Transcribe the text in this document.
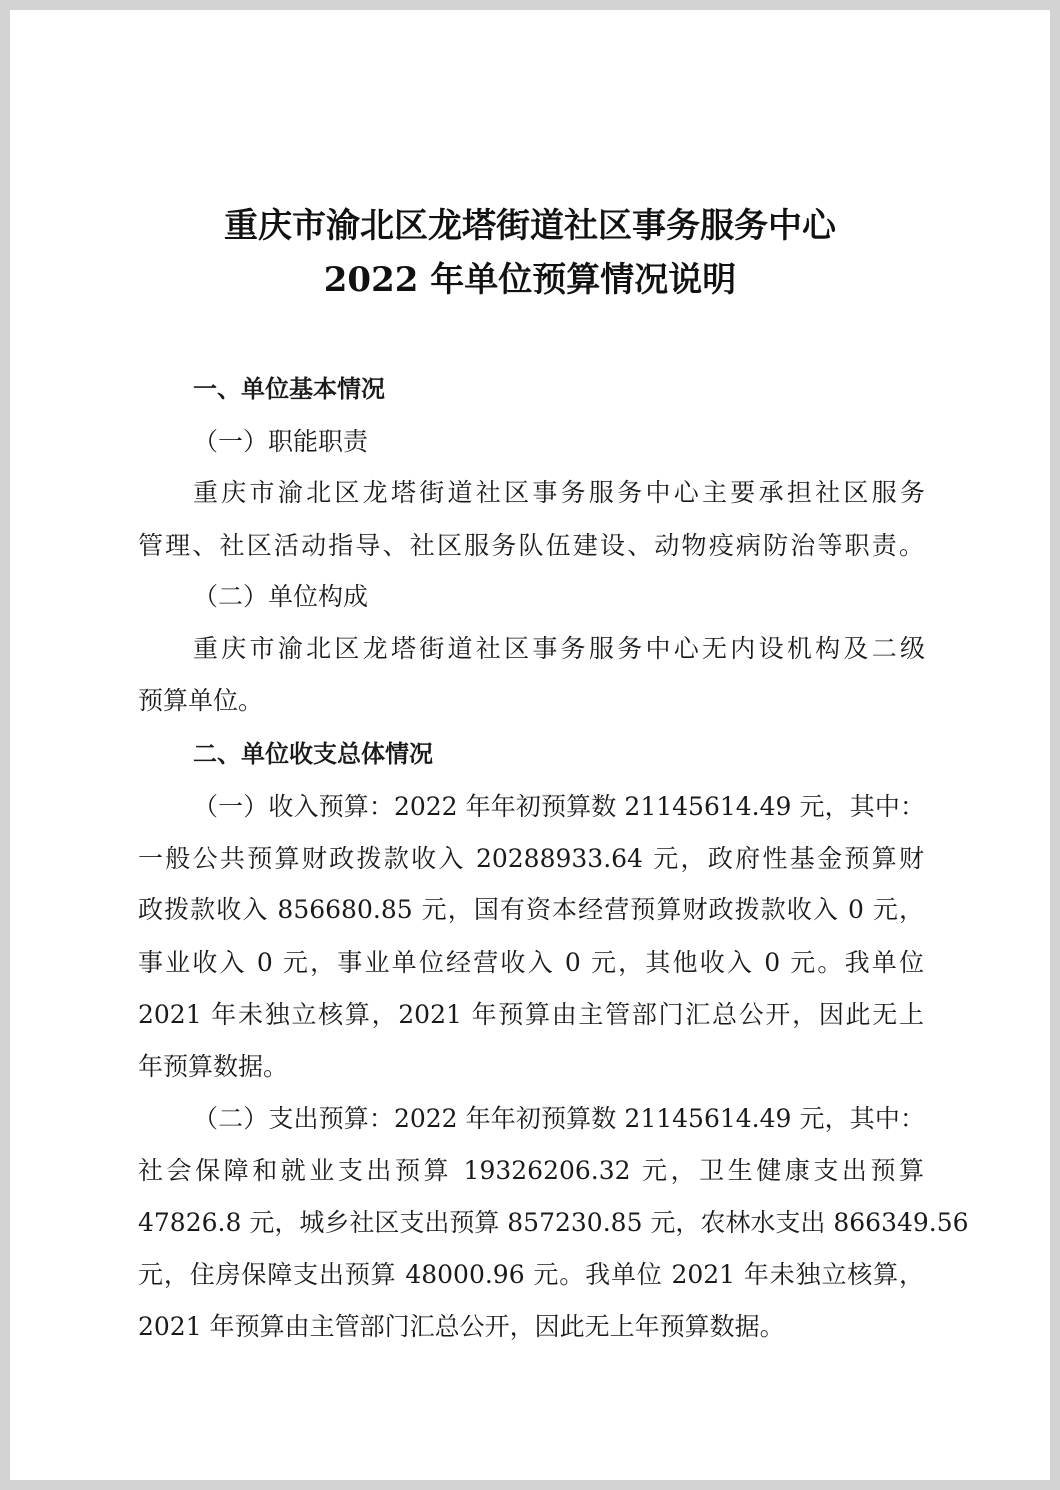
重庆市渝北区龙塔街道社区事务服务中心
2022 年单位预算情况说明
一、单位基本情况
（一）职能职责
重庆市渝北区龙塔街道社区事务服务中心主要承担社区服务
管理、社区活动指导、社区服务队伍建设、动物疫病防治等职责。
（二）单位构成
重庆市渝北区龙塔街道社区事务服务中心无内设机构及二级
预算单位。
二、单位收支总体情况
（一）收入预算：2022 年年初预算数 21145614.49 元，其中：
一般公共预算财政拨款收入 20288933.64 元，政府性基金预算财
政拨款收入 856680.85 元，国有资本经营预算财政拨款收入 0 元，
事业收入 0 元，事业单位经营收入 0 元，其他收入 0 元。我单位
2021 年未独立核算，2021 年预算由主管部门汇总公开，因此无上
年预算数据。
（二）支出预算：2022 年年初预算数 21145614.49 元，其中：
社会保障和就业支出预算 19326206.32 元，卫生健康支出预算
47826.8 元，城乡社区支出预算 857230.85 元，农林水支出 866349.56
元，住房保障支出预算 48000.96 元。我单位 2021 年未独立核算，
2021 年预算由主管部门汇总公开，因此无上年预算数据。
